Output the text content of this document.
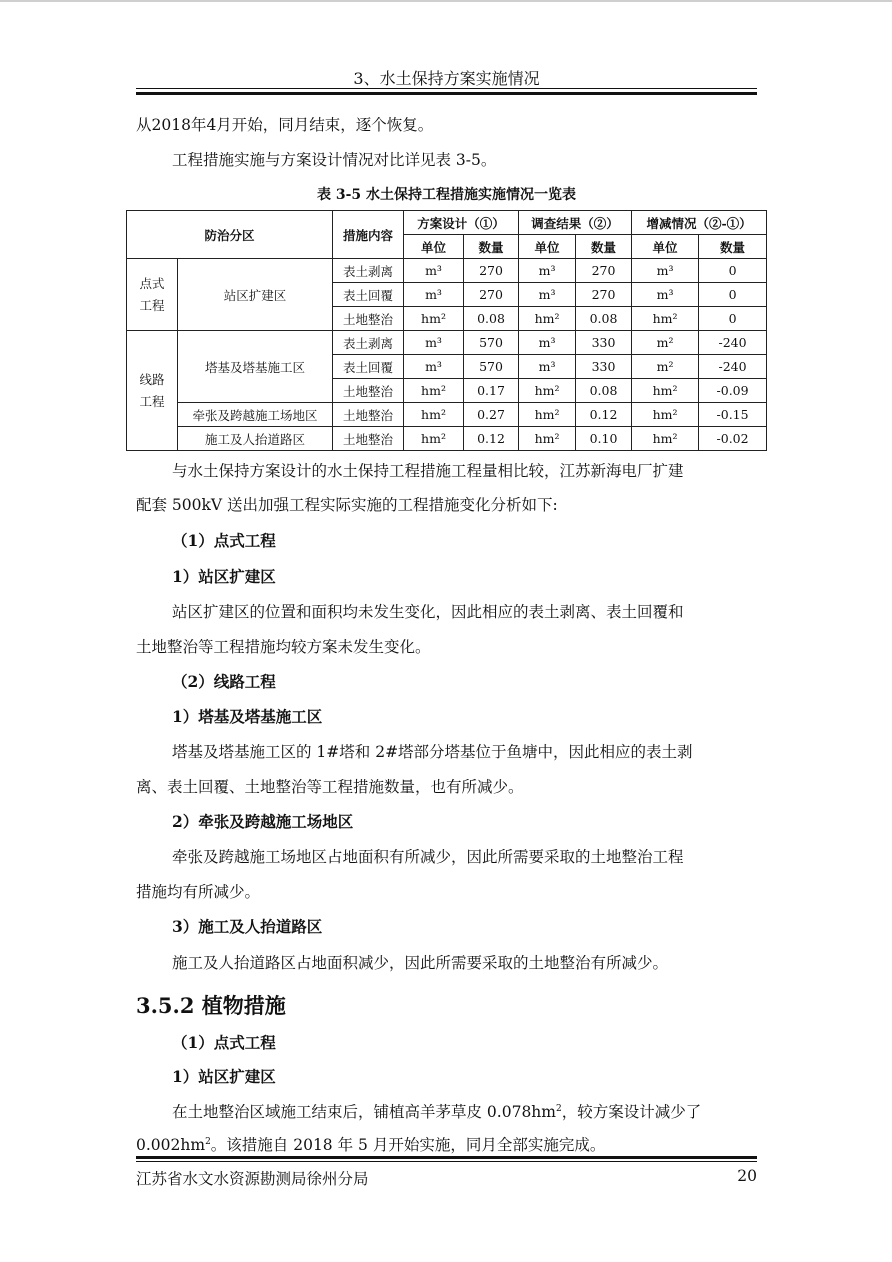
3、水土保持方案实施情况
从2018年4月开始，同月结束，逐个恢复。
工程措施实施与方案设计情况对比详见表 3-5。
表 3-5 水土保持工程措施实施情况一览表
防治分区		措施内容	方案设计（①）		调查结果（②）		增减情况（②-①）	
			单位	数量	单位	数量	单位	数量
点式工程	站区扩建区	表土剥离	m³	270	m³	270	m³	0
		表土回覆	m³	270	m³	270	m³	0
		土地整治	hm²	0.08	hm²	0.08	hm²	0
线路工程	塔基及塔基施工区	表土剥离	m³	570	m³	330	m²	-240
		表土回覆	m³	570	m³	330	m²	-240
		土地整治	hm²	0.17	hm²	0.08	hm²	-0.09
	牵张及跨越施工场地区	土地整治	hm²	0.27	hm²	0.12	hm²	-0.15
	施工及人抬道路区	土地整治	hm²	0.12	hm²	0.10	hm²	-0.02
与水土保持方案设计的水土保持工程措施工程量相比较，江苏新海电厂扩建
配套 500kV 送出加强工程实际实施的工程措施变化分析如下:
（1）点式工程
1）站区扩建区
站区扩建区的位置和面积均未发生变化，因此相应的表土剥离、表土回覆和
土地整治等工程措施均较方案未发生变化。
（2）线路工程
1）塔基及塔基施工区
塔基及塔基施工区的 1#塔和 2#塔部分塔基位于鱼塘中，因此相应的表土剥
离、表土回覆、土地整治等工程措施数量，也有所减少。
2）牵张及跨越施工场地区
牵张及跨越施工场地区占地面积有所减少，因此所需要采取的土地整治工程
措施均有所减少。
3）施工及人抬道路区
施工及人抬道路区占地面积减少，因此所需要采取的土地整治有所减少。
3.5.2 植物措施
（1）点式工程
1）站区扩建区
在土地整治区域施工结束后，铺植高羊茅草皮 $0.078hm^2$，较方案设计减少了
$0.002hm^2$。该措施自 2018 年 5 月开始实施，同月全部实施完成。
江苏省水文水资源勘测局徐州分局	20
